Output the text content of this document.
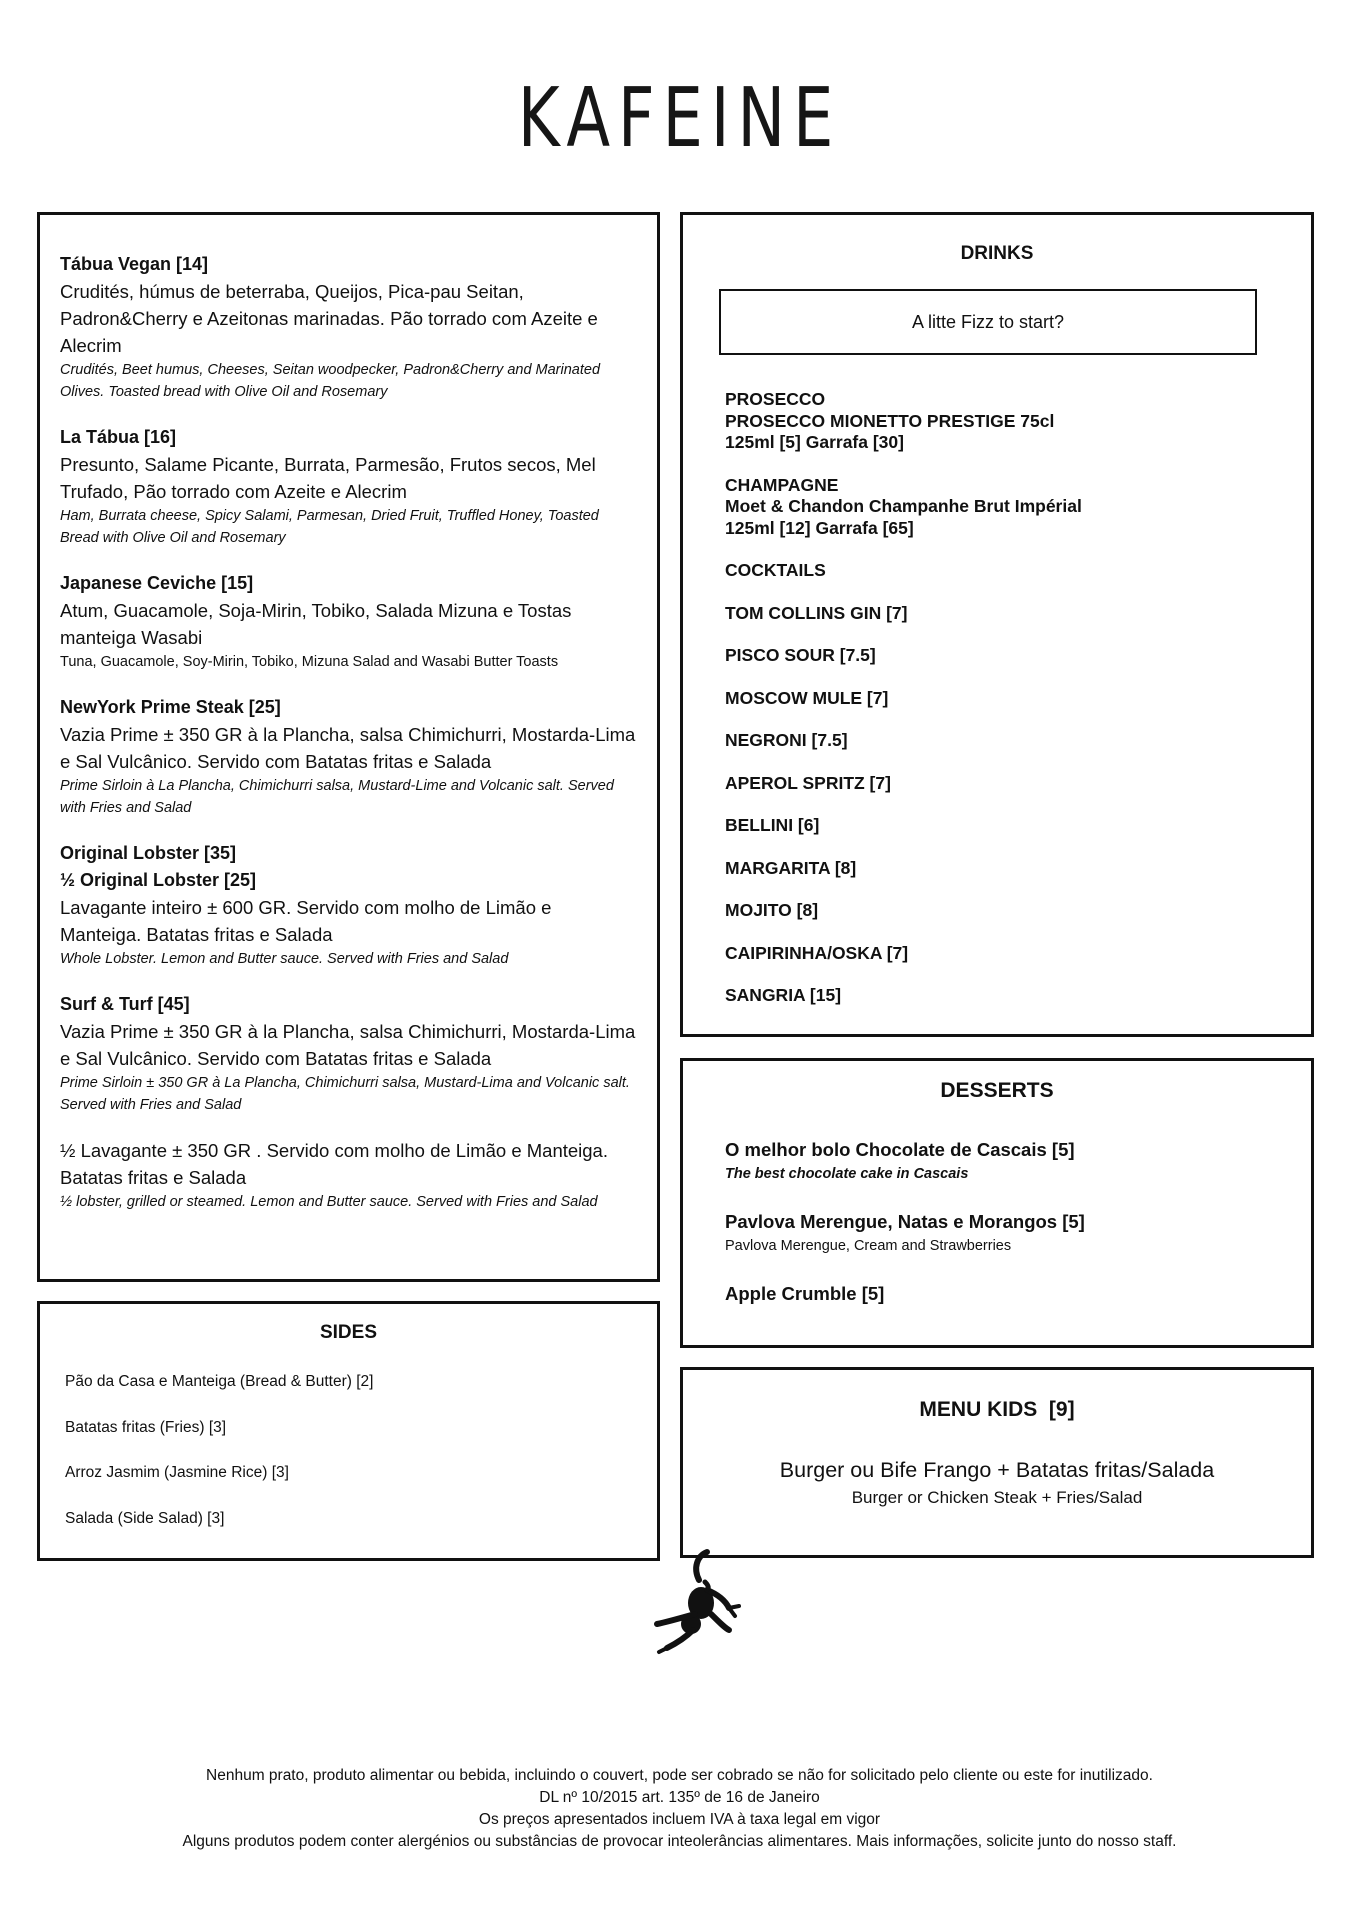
KAFEINE
Tábua Vegan [14]
Crudités, húmus de beterraba, Queijos, Pica-pau Seitan, Padron&Cherry e Azeitonas marinadas. Pão torrado com Azeite e Alecrim
Crudités, Beet humus, Cheeses, Seitan woodpecker, Padron&Cherry and Marinated Olives. Toasted bread with Olive Oil and Rosemary
La Tábua [16]
Presunto, Salame Picante, Burrata, Parmesão, Frutos secos, Mel Trufado, Pão torrado com Azeite e Alecrim
Ham, Burrata cheese, Spicy Salami, Parmesan, Dried Fruit, Truffled Honey, Toasted Bread with Olive Oil and Rosemary
Japanese Ceviche [15]
Atum, Guacamole, Soja-Mirin, Tobiko, Salada Mizuna e Tostas manteiga Wasabi
Tuna, Guacamole, Soy-Mirin, Tobiko, Mizuna Salad and Wasabi Butter Toasts
NewYork Prime Steak [25]
Vazia Prime ± 350 GR à la Plancha, salsa Chimichurri, Mostarda-Lima e Sal Vulcânico. Servido com Batatas fritas e Salada
Prime Sirloin à La Plancha, Chimichurri salsa, Mustard-Lime and Volcanic salt. Served with Fries and Salad
Original Lobster [35]
½ Original Lobster [25]
Lavagante inteiro ± 600 GR. Servido com molho de Limão e Manteiga. Batatas fritas e Salada
Whole Lobster. Lemon and Butter sauce. Served with Fries and Salad
Surf & Turf [45]
Vazia Prime ± 350 GR à la Plancha, salsa Chimichurri, Mostarda-Lima e Sal Vulcânico. Servido com Batatas fritas e Salada
Prime Sirloin ± 350 GR à La Plancha, Chimichurri salsa, Mustard-Lima and Volcanic salt. Served with Fries and Salad
½ Lavagante ± 350 GR . Servido com molho de Limão e Manteiga. Batatas fritas e Salada
½ lobster, grilled or steamed. Lemon and Butter sauce. Served with Fries and Salad
SIDES
Pão da Casa e Manteiga (Bread & Butter) [2]
Batatas fritas (Fries) [3]
Arroz Jasmim (Jasmine Rice) [3]
Salada (Side Salad) [3]
DRINKS
A litte Fizz to start?
PROSECCO
PROSECCO MIONETTO PRESTIGE 75cl
125ml [5] Garrafa [30]
CHAMPAGNE
Moet & Chandon Champanhe Brut Impérial
125ml [12] Garrafa [65]
COCKTAILS
TOM COLLINS GIN [7]
PISCO SOUR [7.5]
MOSCOW MULE [7]
NEGRONI [7.5]
APEROL SPRITZ [7]
BELLINI [6]
MARGARITA [8]
MOJITO [8]
CAIPIRINHA/OSKA [7]
SANGRIA [15]
DESSERTS
O melhor bolo Chocolate de Cascais [5]
The best chocolate cake in Cascais
Pavlova Merengue, Natas e Morangos [5]
Pavlova Merengue, Cream and Strawberries
Apple Crumble [5]
MENU KIDS  [9]
Burger ou Bife Frango + Batatas fritas/Salada
Burger or Chicken Steak + Fries/Salad
Nenhum prato, produto alimentar ou bebida, incluindo o couvert, pode ser cobrado se não for solicitado pelo cliente ou este for inutilizado.
DL nº 10/2015 art. 135º de 16 de Janeiro
Os preços apresentados incluem IVA à taxa legal em vigor
Alguns produtos podem conter alergénios ou substâncias de provocar inteolerâncias alimentares. Mais informações, solicite junto do nosso staff.
